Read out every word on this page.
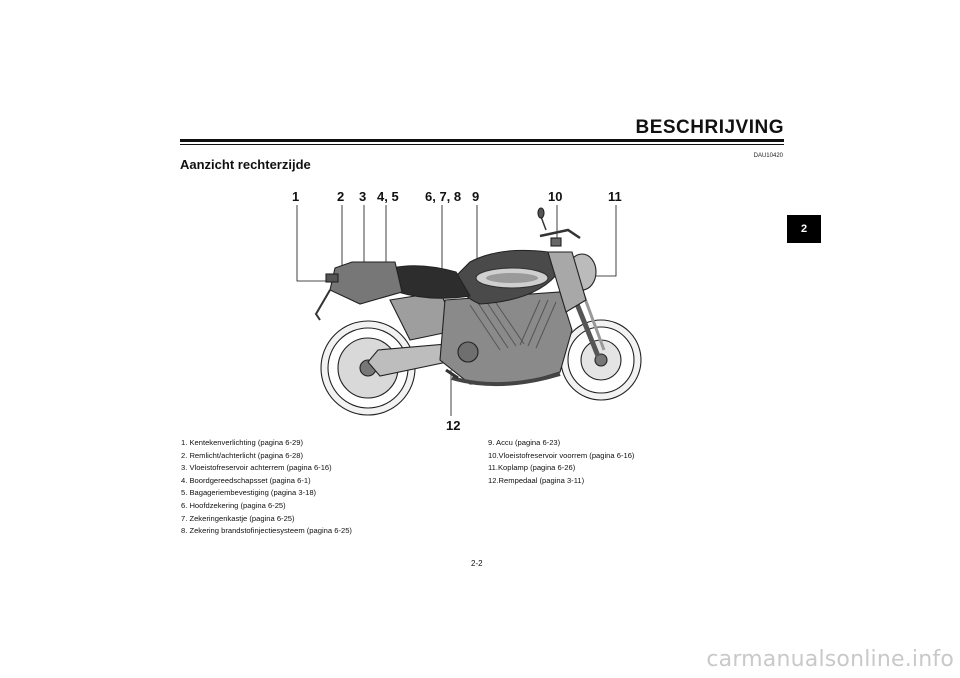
BESCHRIJVING
DAU10420
Aanzicht rechterzijde
2
1	2 3 4, 5 6, 7, 8 9	10	11
12
1. Kentekenverlichting (pagina 6-29)
2. Remlicht/achterlicht (pagina 6-28)
3. Vloeistofreservoir achterrem (pagina 6-16)
4. Boordgereedschapsset (pagina 6-1)
5. Bagageriembevestiging (pagina 3-18)
6. Hoofdzekering (pagina 6-25)
7. Zekeringenkastje (pagina 6-25)
8. Zekering brandstofinjectiesysteem (pagina 6-25)
9. Accu (pagina 6-23)
10.Vloeistofreservoir voorrem (pagina 6-16)
11.Koplamp (pagina 6-26)
12.Rempedaal (pagina 3-11)
2-2
carmanualsonline.info
